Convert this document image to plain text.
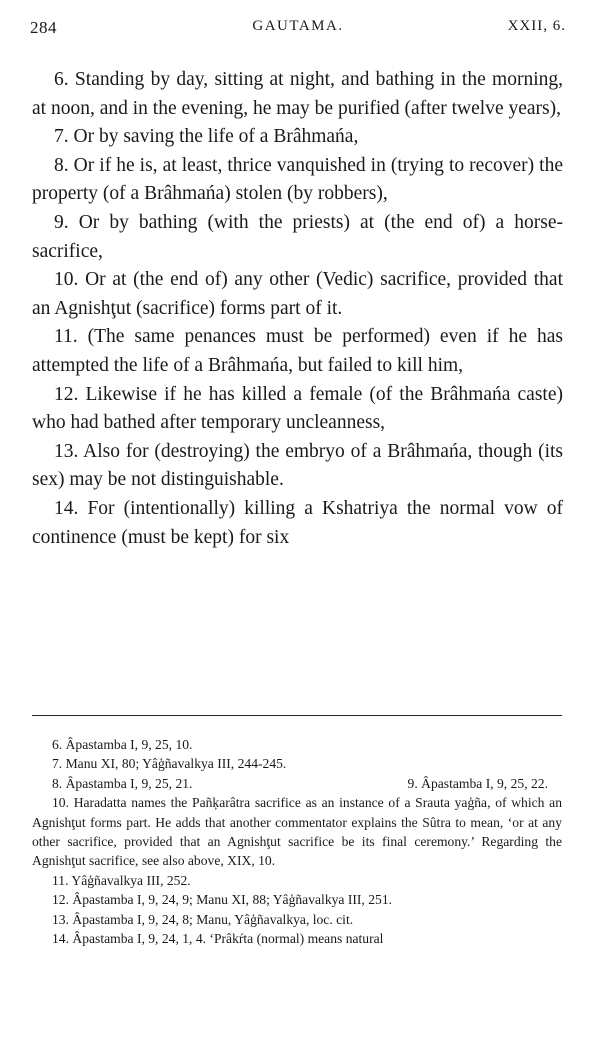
284	GAUTAMA.	XXII, 6.

6. Standing by day, sitting at night, and bathing in the morning, at noon, and in the evening, he may be purified (after twelve years),

7. Or by saving the life of a Brâhmańa,

8. Or if he is, at least, thrice vanquished in (trying to recover) the property (of a Brâhmańa) stolen (by robbers),

9. Or by bathing (with the priests) at (the end of) a horse-sacrifice,

10. Or at (the end of) any other (Vedic) sacrifice, provided that an Agnishţut (sacrifice) forms part of it.

11. (The same penances must be performed) even if he has attempted the life of a Brâhmańa, but failed to kill him,

12. Likewise if he has killed a female (of the Brâhmańa caste) who had bathed after temporary uncleanness,

13. Also for (destroying) the embryo of a Brâhmańa, though (its sex) may be not distinguishable.

14. For (intentionally) killing a Kshatriya the normal vow of continence (must be kept) for six

6. Âpastamba I, 9, 25, 10.

7. Manu XI, 80; Yâģñavalkya III, 244-245.

8. Âpastamba I, 9, 25, 21.	9. Âpastamba I, 9, 25, 22.

10. Haradatta names the Pañķarâtra sacrifice as an instance of a Srauta yaģña, of which an Agnishţut forms part. He adds that another commentator explains the Sûtra to mean, ‘or at any other sacrifice, provided that an Agnishţut sacrifice be its final ceremony.’ Regarding the Agnishţut sacrifice, see also above, XIX, 10.

11. Yâģñavalkya III, 252.

12. Âpastamba I, 9, 24, 9; Manu XI, 88; Yâģñavalkya III, 251.

13. Âpastamba I, 9, 24, 8; Manu, Yâģñavalkya, loc. cit.

14. Âpastamba I, 9, 24, 1, 4. ‘Prâkŕta (normal) means natural
